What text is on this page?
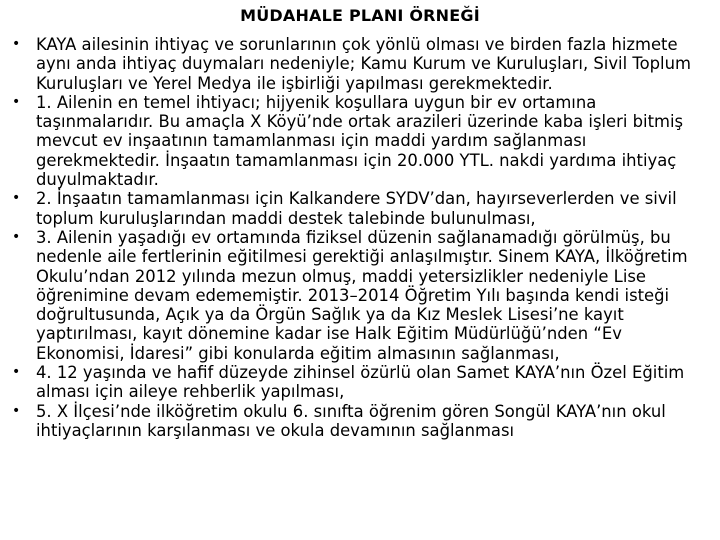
MÜDAHALE PLANI ÖRNEĞİ
• KAYA ailesinin ihtiyaç ve sorunlarının çok yönlü olması ve birden fazla hizmete aynı anda ihtiyaç duymaları nedeniyle; Kamu Kurum ve Kuruluşları, Sivil Toplum Kuruluşları ve Yerel Medya ile işbirliği yapılması gerekmektedir.
• 1. Ailenin en temel ihtiyacı; hijyenik koşullara uygun bir ev ortamına taşınmalarıdır. Bu amaçla X Köyü’nde ortak arazileri üzerinde kaba işleri bitmiş mevcut ev inşaatının tamamlanması için maddi yardım sağlanması gerekmektedir. İnşaatın tamamlanması için 20.000 YTL. nakdi yardıma ihtiyaç duyulmaktadır.
• 2. İnşaatın tamamlanması için Kalkandere SYDV’dan, hayırseverlerden ve sivil toplum kuruluşlarından maddi destek talebinde bulunulması,
• 3. Ailenin yaşadığı ev ortamında fiziksel düzenin sağlanamadığı görülmüş, bu nedenle aile fertlerinin eğitilmesi gerektiği anlaşılmıştır. Sinem KAYA, İlköğretim Okulu’ndan 2012 yılında mezun olmuş, maddi yetersizlikler nedeniyle Lise öğrenimine devam edememiştir. 2013–2014 Öğretim Yılı başında kendi isteği doğrultusunda, Açık ya da Örgün Sağlık ya da Kız Meslek Lisesi’ne kayıt yaptırılması, kayıt dönemine kadar ise Halk Eğitim Müdürlüğü’nden “Ev Ekonomisi, İdaresi” gibi konularda eğitim almasının sağlanması,
• 4. 12 yaşında ve hafif düzeyde zihinsel özürlü olan Samet KAYA’nın Özel Eğitim alması için aileye rehberlik yapılması,
• 5. X İlçesi’nde ilköğretim okulu 6. sınıfta öğrenim gören Songül KAYA’nın okul ihtiyaçlarının karşılanması ve okula devamının sağlanması
